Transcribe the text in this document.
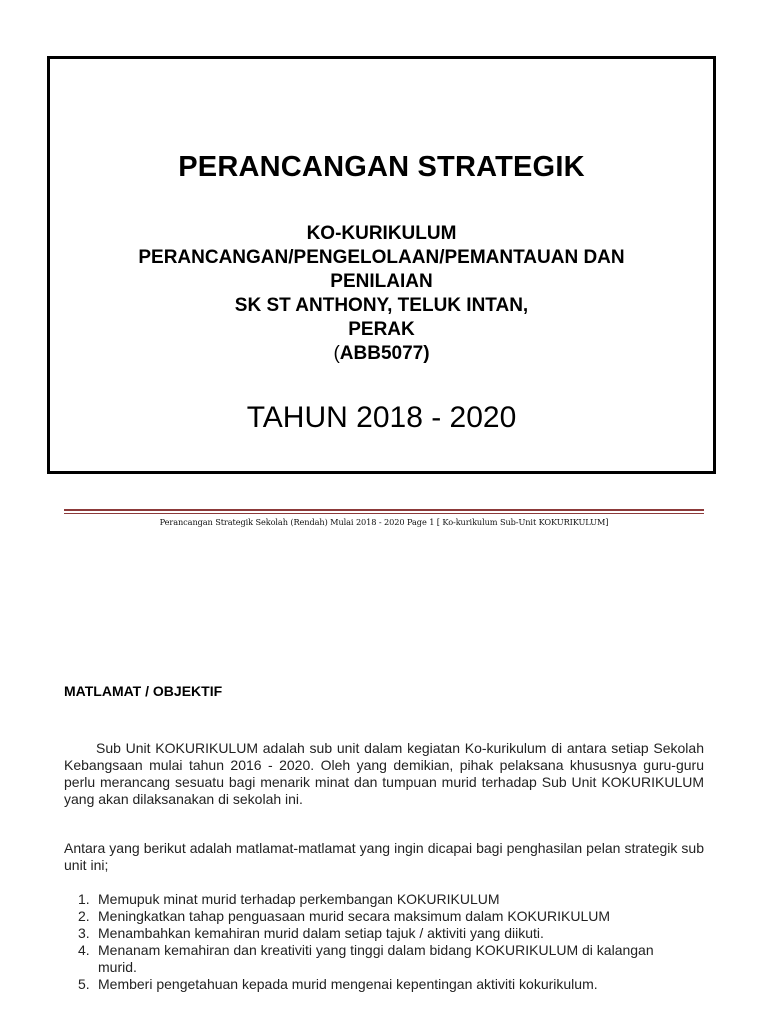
PERANCANGAN STRATEGIK
KO-KURIKULUM
PERANCANGAN/PENGELOLAAN/PEMANTAUAN DAN
PENILAIAN
SK ST ANTHONY, TELUK INTAN,
PERAK
(ABB5077)
TAHUN 2018 - 2020
Perancangan Strategik Sekolah (Rendah) Mulai 2018 - 2020 Page 1 [ Ko-kurikulum Sub-Unit KOKURIKULUM]
MATLAMAT / OBJEKTIF
Sub Unit KOKURIKULUM adalah sub unit dalam kegiatan Ko-kurikulum di antara setiap Sekolah Kebangsaan mulai tahun 2016 - 2020. Oleh yang demikian, pihak pelaksana khususnya guru-guru perlu merancang sesuatu bagi menarik minat dan tumpuan murid terhadap Sub Unit KOKURIKULUM yang akan dilaksanakan di sekolah ini.
Antara yang berikut adalah matlamat-matlamat yang ingin dicapai bagi penghasilan pelan strategik sub unit ini;
1. Memupuk minat murid terhadap perkembangan KOKURIKULUM
2. Meningkatkan tahap penguasaan murid secara maksimum dalam KOKURIKULUM
3. Menambahkan kemahiran murid dalam setiap tajuk / aktiviti yang diikuti.
4. Menanam kemahiran dan kreativiti yang tinggi dalam bidang KOKURIKULUM di kalangan murid.
5. Memberi pengetahuan kepada murid mengenai kepentingan aktiviti kokurikulum.
